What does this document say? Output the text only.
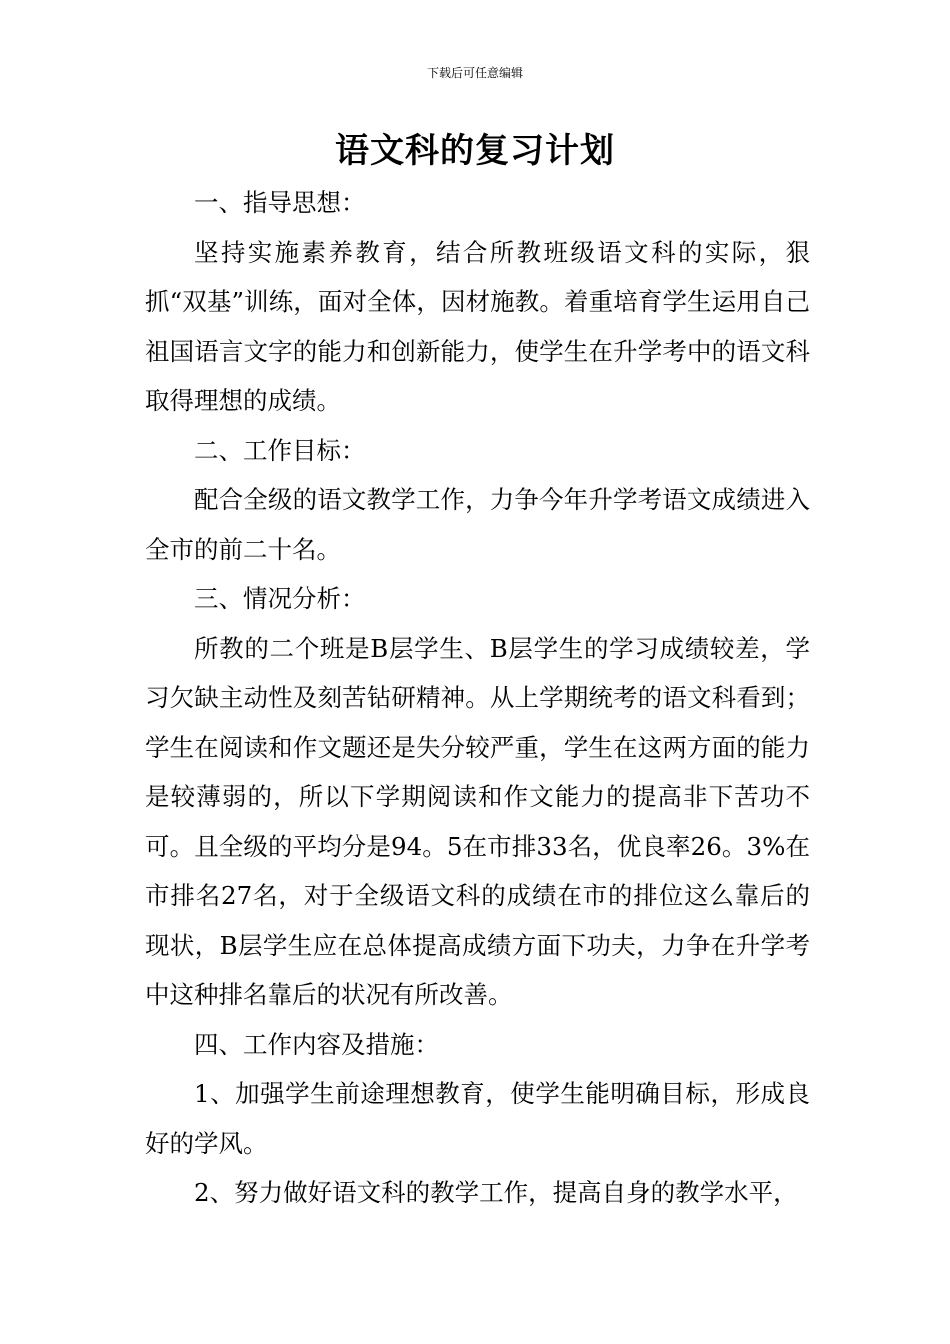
下载后可任意编辑
语文科的复习计划

一、指导思想：

坚持实施素养教育，结合所教班级语文科的实际，狠抓“双基”训练，面对全体，因材施教。着重培育学生运用自己祖国语言文字的能力和创新能力，使学生在升学考中的语文科取得理想的成绩。

二、工作目标：

配合全级的语文教学工作，力争今年升学考语文成绩进入全市的前二十名。

三、情况分析：

所教的二个班是B层学生、B层学生的学习成绩较差，学习欠缺主动性及刻苦钻研精神。从上学期统考的语文科看到；学生在阅读和作文题还是失分较严重，学生在这两方面的能力是较薄弱的，所以下学期阅读和作文能力的提高非下苦功不可。且全级的平均分是94。5在市排33名，优良率26。3%在市排名27名，对于全级语文科的成绩在市的排位这么靠后的现状，B层学生应在总体提高成绩方面下功夫，力争在升学考中这种排名靠后的状况有所改善。

四、工作内容及措施：

1、加强学生前途理想教育，使学生能明确目标，形成良好的学风。

2、努力做好语文科的教学工作，提高自身的教学水平，
